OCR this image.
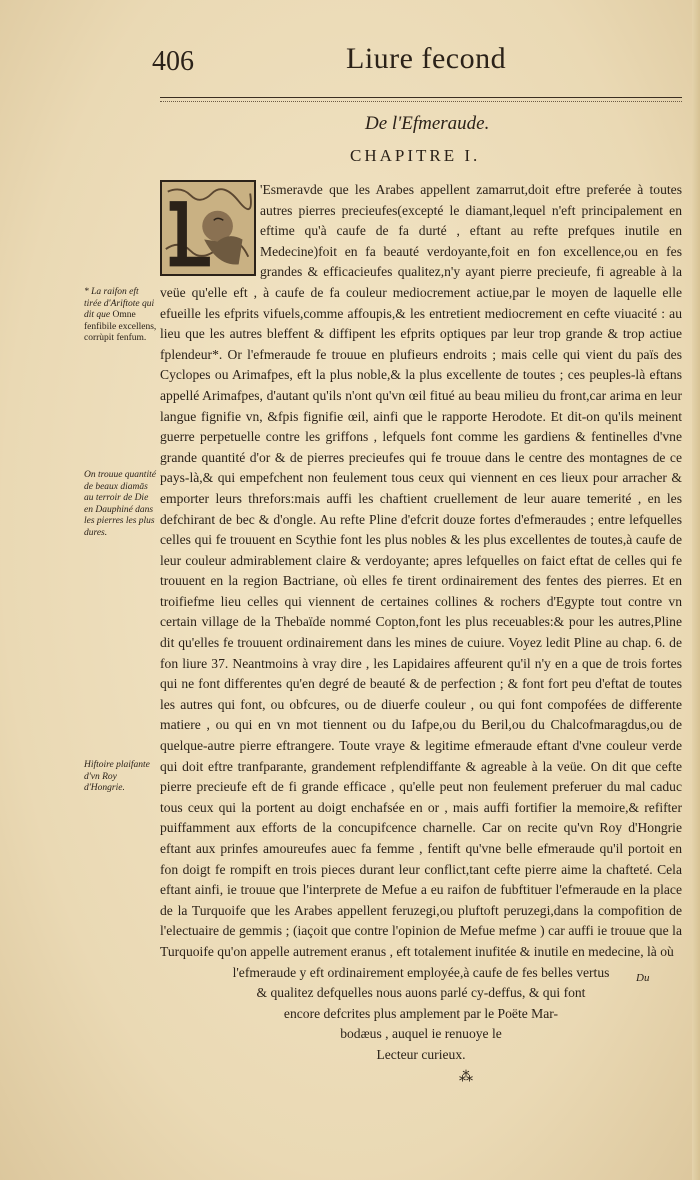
406	Liure fecond
De l'Efmeraude.
CHAPITRE I.

'Esmeravde que les Arabes appellent zamarrut,doit eftre preferée à toutes autres pierres precieufes(excepté le diamant,lequel n'eft principalement en eftime qu'à caufe de fa durté , eftant au refte prefques inutile en Medecine)foit en fa beauté verdoyante,foit en fon excellence,ou en fes grandes & efficacieufes qualitez,n'y ayant pierre precieufe, fi agreable à la veüe qu'elle eft , à caufe de fa couleur mediocrement actiue,par le moyen de laquelle elle efueille les efprits vifuels,comme affoupis,& les entretient mediocrement en cefte viuacité : au lieu que les autres bleffent & diffipent les efprits optiques par leur trop grande & trop actiue fplendeur*. Or l'efmeraude fe trouue en plufieurs endroits ; mais celle qui vient du païs des Cyclopes ou Arimafpes, eft la plus noble,& la plus excellente de toutes ; ces peuples-là eftans appellé Arimafpes, d'autant qu'ils n'ont qu'vn œil fitué au beau milieu du front,car arima en leur langue fignifie vn, &fpis fignifie œil, ainfi que le rapporte Herodote. Et dit-on qu'ils meinent guerre perpetuelle contre les griffons , lefquels font comme les gardiens & fentinelles d'vne grande quantité d'or & de pierres precieufes qui fe trouue dans le centre des montagnes de ce pays-là,& qui empefchent non feulement tous ceux qui viennent en ces lieux pour arracher & emporter leurs threfors:mais auffi les chaftient cruellement de leur auare temerité , en les defchirant de bec & d'ongle. Au refte Pline d'efcrit douze fortes d'efmeraudes ; entre lefquelles celles qui fe trouuent en Scythie font les plus nobles & les plus excellentes de toutes,à caufe de leur couleur admirablement claire & verdoyante; apres lefquelles on faict eftat de celles qui fe trouuent en la region Bactriane, où elles fe tirent ordinairement des fentes des pierres. Et en troifiefme lieu celles qui viennent de certaines collines & rochers d'Egypte tout contre vn certain village de la Thebaïde nommé Copton,font les plus receuables:& pour les autres,Pline dit qu'elles fe trouuent ordinairement dans les mines de cuiure. Voyez ledit Pline au chap. 6. de fon liure 37. Neantmoins à vray dire , les Lapidaires affeurent qu'il n'y en a que de trois fortes qui ne font differentes qu'en degré de beauté & de perfection ; & font fort peu d'eftat de toutes les autres qui font, ou obfcures, ou de diuerfe couleur , ou qui font compofées de differente matiere , ou qui en vn mot tiennent ou du Iafpe,ou du Beril,ou du Chalcofmaragdus,ou de quelque-autre pierre eftrangere. Toute vraye & legitime efmeraude eftant d'vne couleur verde qui doit eftre tranfparante, grandement refplendiffante & agreable à la veüe. On dit que cefte pierre precieufe eft de fi grande efficace , qu'elle peut non feulement preferuer du mal caduc tous ceux qui la portent au doigt enchafsée en or , mais auffi fortifier la memoire,& refifter puiffamment aux efforts de la concupifcence charnelle. Car on recite qu'vn Roy d'Hongrie eftant aux prinfes amoureufes auec fa femme , fentift qu'vne belle efmeraude qu'il portoit en fon doigt fe rompift en trois pieces durant leur conflict,tant cefte pierre aime la chafteté. Cela eftant ainfi, ie trouue que l'interprete de Mefue a eu raifon de fubftituer l'efmeraude en la place de la Turquoife que les Arabes appellent feruzegi,ou pluftoft peruzegi,dans la compofition de l'electuaire de gemmis ; (iaçoit que contre l'opinion de Mefue mefme ) car auffi ie trouue que la Turquoife qu'on appelle autrement eranus , eft totalement inufitée & inutile en medecine, là où

l'efmeraude y eft ordinairement employée,à caufe de fes belles vertus
& qualitez defquelles nous auons parlé cy-deffus, & qui font
encore defcrites plus amplement par le Poëte Mar-
bodæus , auquel ie renuoye le
Lecteur curieux.
⁂
* La raifon eft tirée d'Ariftote qui dit que Omne fenfibile excellens, corrùpit fenfum.
On trouue quantité de beaux diamās au terroir de Die en Dauphiné dans les pierres les plus dures.
Hiftoire plaifante d'vn Roy d'Hongrie.
Du
